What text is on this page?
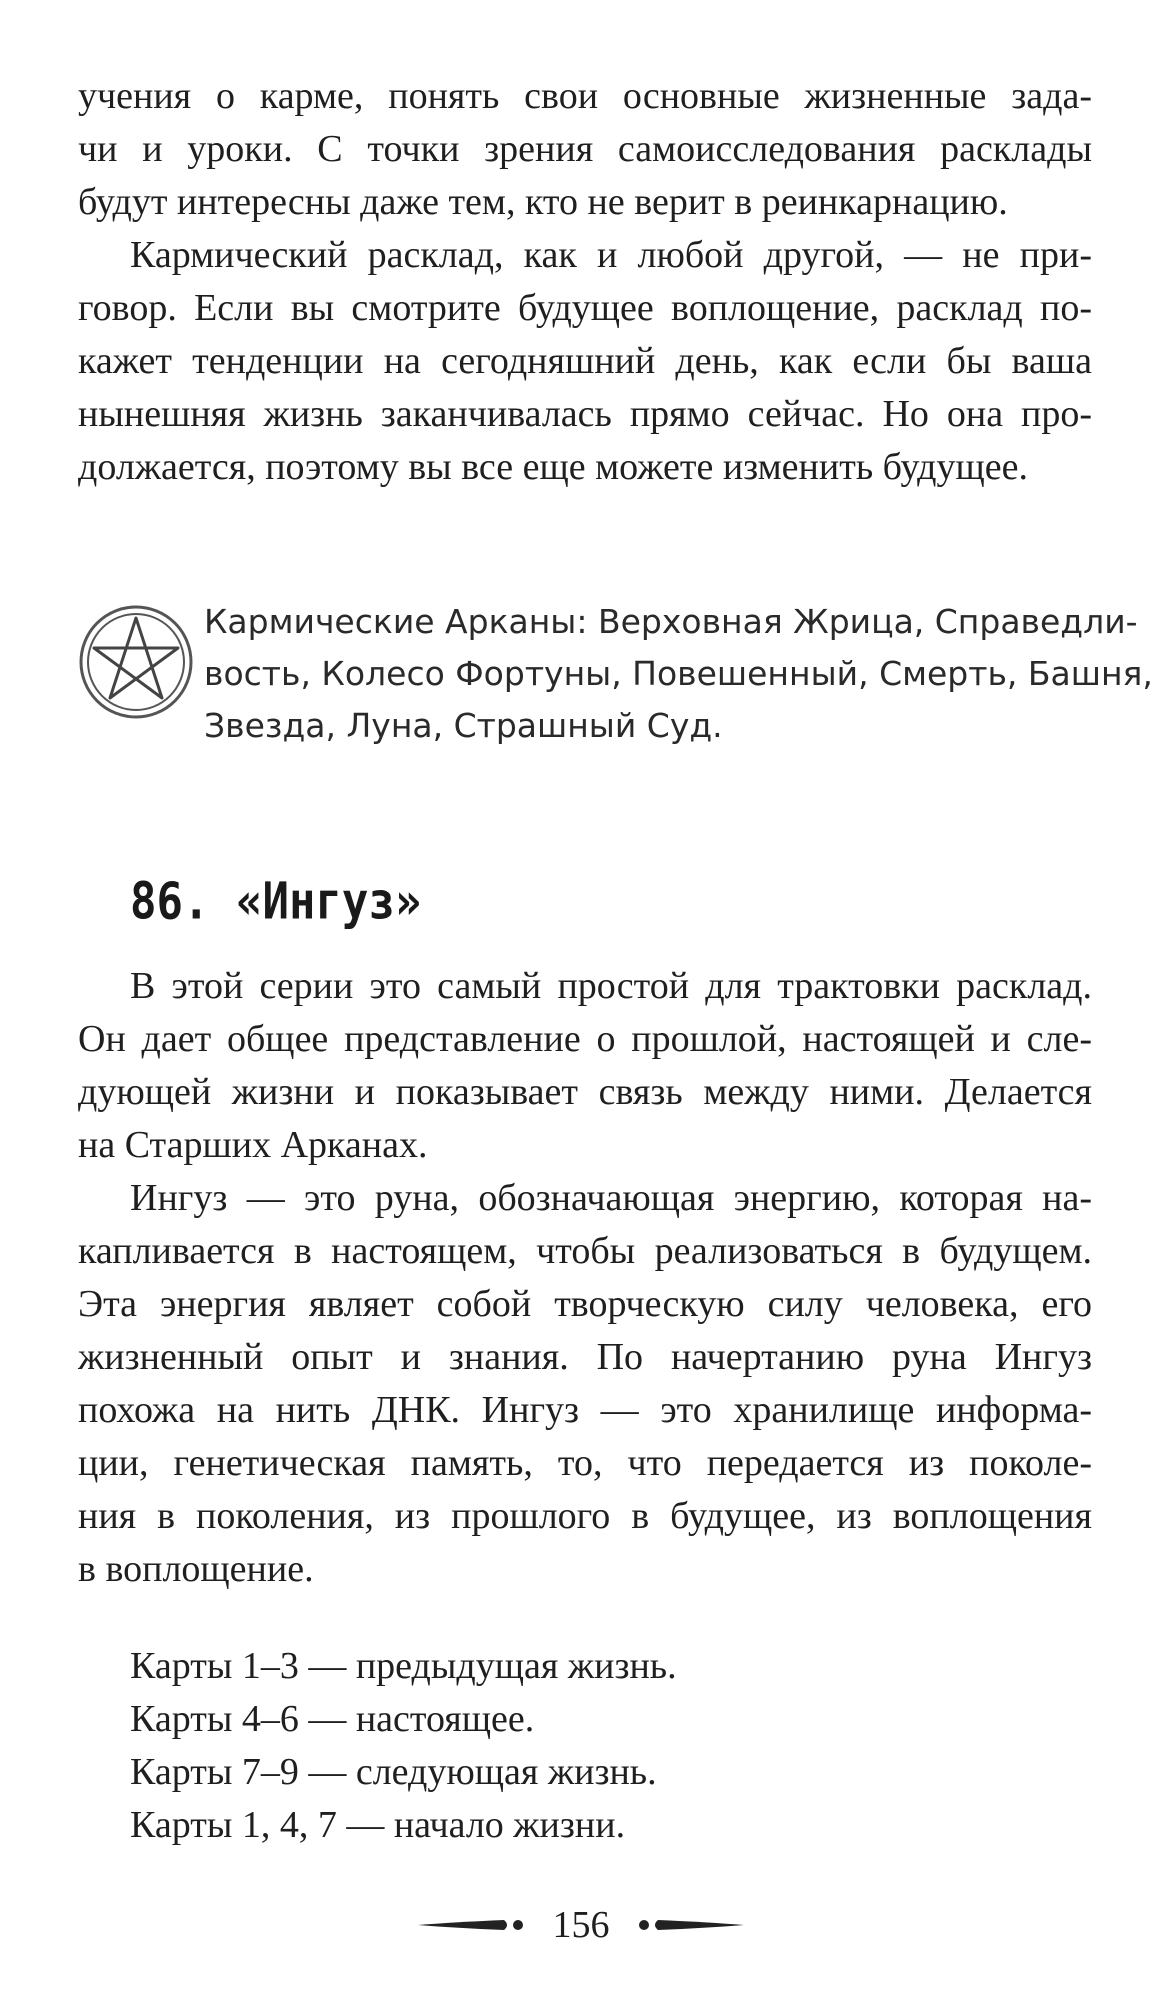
учения о карме, понять свои основные жизненные зада-
чи и уроки. С точки зрения самоисследования расклады
будут интересны даже тем, кто не верит в реинкарнацию.
Кармический расклад, как и любой другой, — не при-
говор. Если вы смотрите будущее воплощение, расклад по-
кажет тенденции на сегодняшний день, как если бы ваша
нынешняя жизнь заканчивалась прямо сейчас. Но она про-
должается, поэтому вы все еще можете изменить будущее.
Кармические Арканы: Верховная Жрица, Справедли-
вость, Колесо Фортуны, Повешенный, Смерть, Башня,
Звезда, Луна, Страшный Суд.
86. «Ингуз»
В этой серии это самый простой для трактовки расклад.
Он дает общее представление о прошлой, настоящей и сле-
дующей жизни и показывает связь между ними. Делается
на Старших Арканах.
Ингуз — это руна, обозначающая энергию, которая на-
капливается в настоящем, чтобы реализоваться в будущем.
Эта энергия являет собой творческую силу человека, его
жизненный опыт и знания. По начертанию руна Ингуз
похожа на нить ДНК. Ингуз — это хранилище информа-
ции, генетическая память, то, что передается из поколе-
ния в поколения, из прошлого в будущее, из воплощения
в воплощение.
Карты 1–3 — предыдущая жизнь.
Карты 4–6 — настоящее.
Карты 7–9 — следующая жизнь.
Карты 1, 4, 7 — начало жизни.
156
